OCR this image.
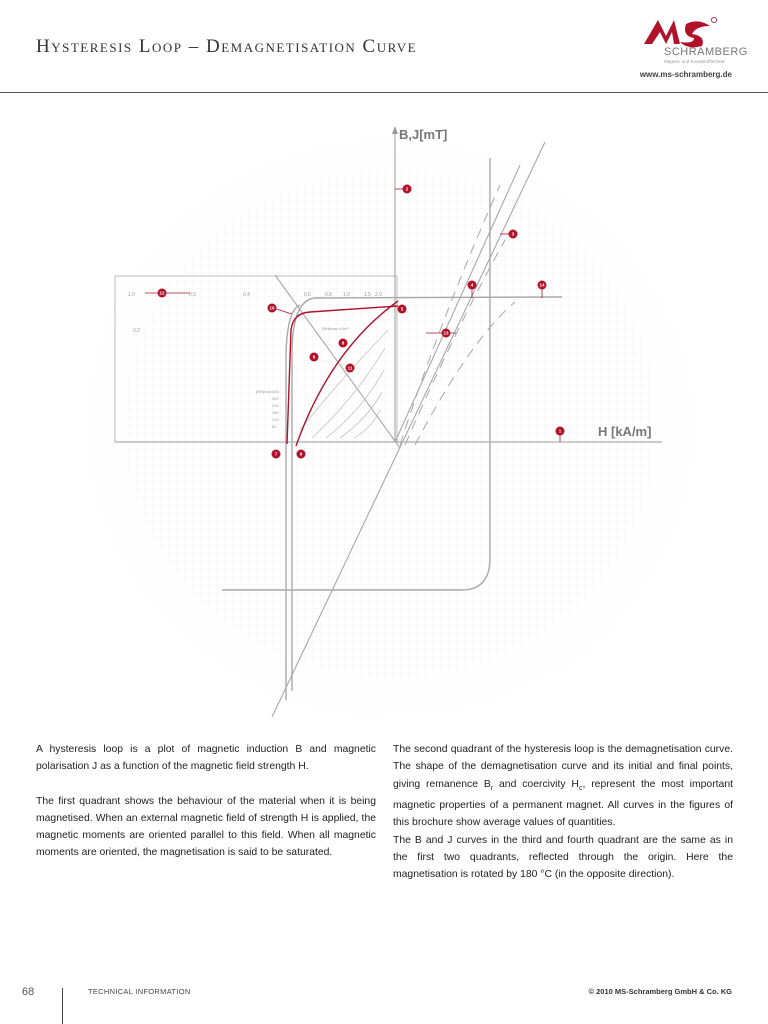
Hysteresis Loop – Demagnetisation Curve	SCHRAMBERG
Magnet- und Kunststofftechnik
www.ms-schramberg.de
B,J[mT]
H [kA/m]
1.0	0.5	0.4	0.6	0.8 1.0	1.5 2.0
0.2	(BH)max kJ/m³
(BH)max 400
300
200
160
120
80
1
2
3
4
5
6
7
8
9
10
11
12
13
14

A hysteresis loop is a plot of magnetic induction B and magnetic polarisation J as a function of the magnetic field strength H.

The first quadrant shows the behaviour of the material when it is being magnetised. When an external magnetic field of strength H is applied, the magnetic moments are oriented parallel to this field. When all magnetic moments are oriented, the magnetisation is said to be saturated.

The second quadrant of the hysteresis loop is the demagnetisation curve. The shape of the demagnetisation curve and its initial and final points, giving remanence $B_r$ and coercivity $H_c$, represent the most important magnetic properties of a permanent magnet. All curves in the figures of this brochure show average values of quantities.

The B and J curves in the third and fourth quadrant are the same as in the first two quadrants, reflected through the origin. Here the magnetisation is rotated by 180 °C (in the opposite direction).

68	TECHNICAL INFORMATION	© 2010 MS-Schramberg GmbH & Co. KG
